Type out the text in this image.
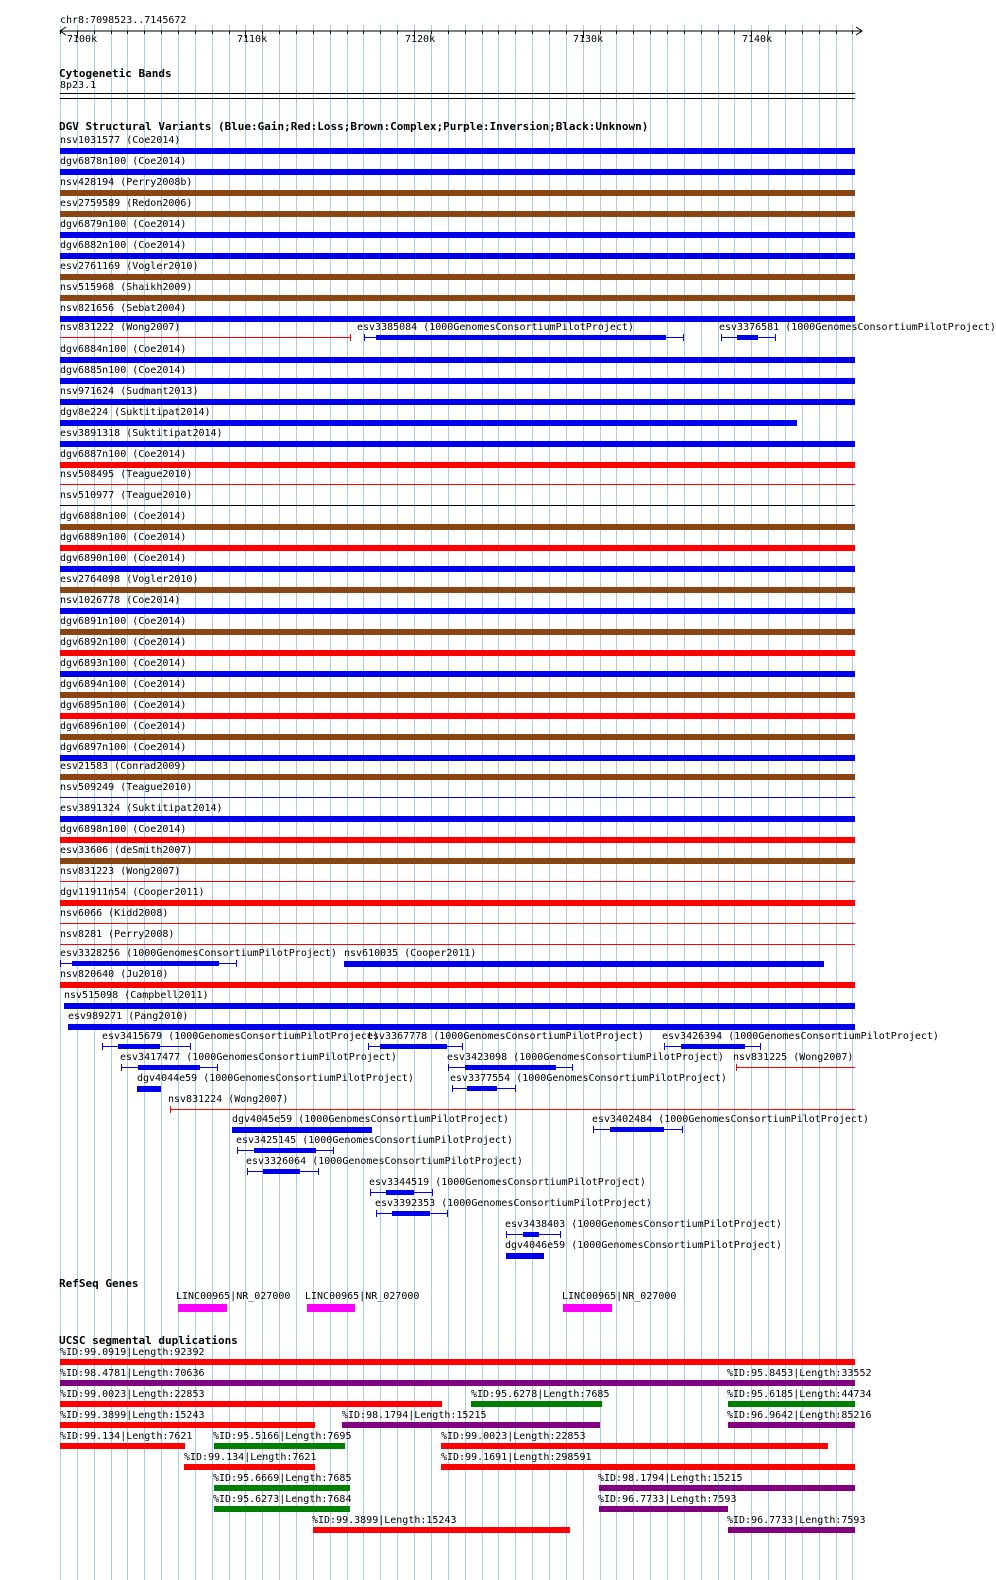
chr8:7098523..7145672
7100k	7110k	7120k	7130k	7140k
Cytogenetic Bands
8p23.1
DGV Structural Variants (Blue:Gain;Red:Loss;Brown:Complex;Purple:Inversion;Black:Unknown)
RefSeq Genes
UCSC segmental duplications
nsv1031577 (Coe2014)
dgv6878n100 (Coe2014)
nsv428194 (Perry2008b)
esv2759589 (Redon2006)
dgv6879n100 (Coe2014)
dgv6882n100 (Coe2014)
esv2761169 (Vogler2010)
nsv515968 (Shaikh2009)
nsv821656 (Sebat2004)
nsv831222 (Wong2007)	esv3385084 (1000GenomesConsortiumPilotProject)	esv3376581 (1000GenomesConsortiumPilotProject)
dgv6884n100 (Coe2014)
dgv6885n100 (Coe2014)
nsv971624 (Sudmant2013)
dgv8e224 (Suktitipat2014)
esv3891318 (Suktitipat2014)
dgv6887n100 (Coe2014)
nsv508495 (Teague2010)
nsv510977 (Teague2010)
dgv6888n100 (Coe2014)
dgv6889n100 (Coe2014)
dgv6890n100 (Coe2014)
esv2764098 (Vogler2010)
nsv1026778 (Coe2014)
dgv6891n100 (Coe2014)
dgv6892n100 (Coe2014)
dgv6893n100 (Coe2014)
dgv6894n100 (Coe2014)
dgv6895n100 (Coe2014)
dgv6896n100 (Coe2014)
dgv6897n100 (Coe2014)
esv21583 (Conrad2009)
nsv509249 (Teague2010)
esv3891324 (Suktitipat2014)
dgv6898n100 (Coe2014)
esv33606 (deSmith2007)
nsv831223 (Wong2007)
dgv11911n54 (Cooper2011)
nsv6066 (Kidd2008)
nsv8281 (Perry2008)
esv3328256 (1000GenomesConsortiumPilotProject) nsv610035 (Cooper2011)
nsv820640 (Ju2010)
nsv515098 (Campbell2011)
esv989271 (Pang2010)
esv3415679 (1000GenomesConsortiumPilotProject)
esv3367778 (1000GenomesConsortiumPilotProject) esv3426394 (1000GenomesConsortiumPilotProject)
esv3417477 (1000GenomesConsortiumPilotProject)	esv3423098 (1000GenomesConsortiumPilotProject) nsv831225 (Wong2007)
dgv4044e59 (1000GenomesConsortiumPilotProject)	esv3377554 (1000GenomesConsortiumPilotProject)
nsv831224 (Wong2007)
dgv4045e59 (1000GenomesConsortiumPilotProject)	esv3402484 (1000GenomesConsortiumPilotProject)
esv3425145 (1000GenomesConsortiumPilotProject)
esv3326064 (1000GenomesConsortiumPilotProject)
esv3344519 (1000GenomesConsortiumPilotProject)
esv3392353 (1000GenomesConsortiumPilotProject)
esv3438403 (1000GenomesConsortiumPilotProject)
dgv4046e59 (1000GenomesConsortiumPilotProject)
LINC00965|NR_027000 LINC00965|NR_027000	LINC00965|NR_027000
%ID:99.0919|Length:92392
%ID:98.4781|Length:70636	%ID:95.8453|Length:33552
%ID:99.0023|Length:22853	%ID:95.6278|Length:7685	%ID:95.6185|Length:44734
%ID:99.3899|Length:15243	%ID:98.1794|Length:15215	%ID:96.9642|Length:85216
%ID:99.134|Length:7621 %ID:95.5166|Length:7695	%ID:99.0023|Length:22853
%ID:99.134|Length:7621	%ID:99.1691|Length:298591
%ID:95.6669|Length:7685	%ID:98.1794|Length:15215
%ID:95.6273|Length:7684	%ID:96.7733|Length:7593
%ID:99.3899|Length:15243	%ID:96.7733|Length:7593
